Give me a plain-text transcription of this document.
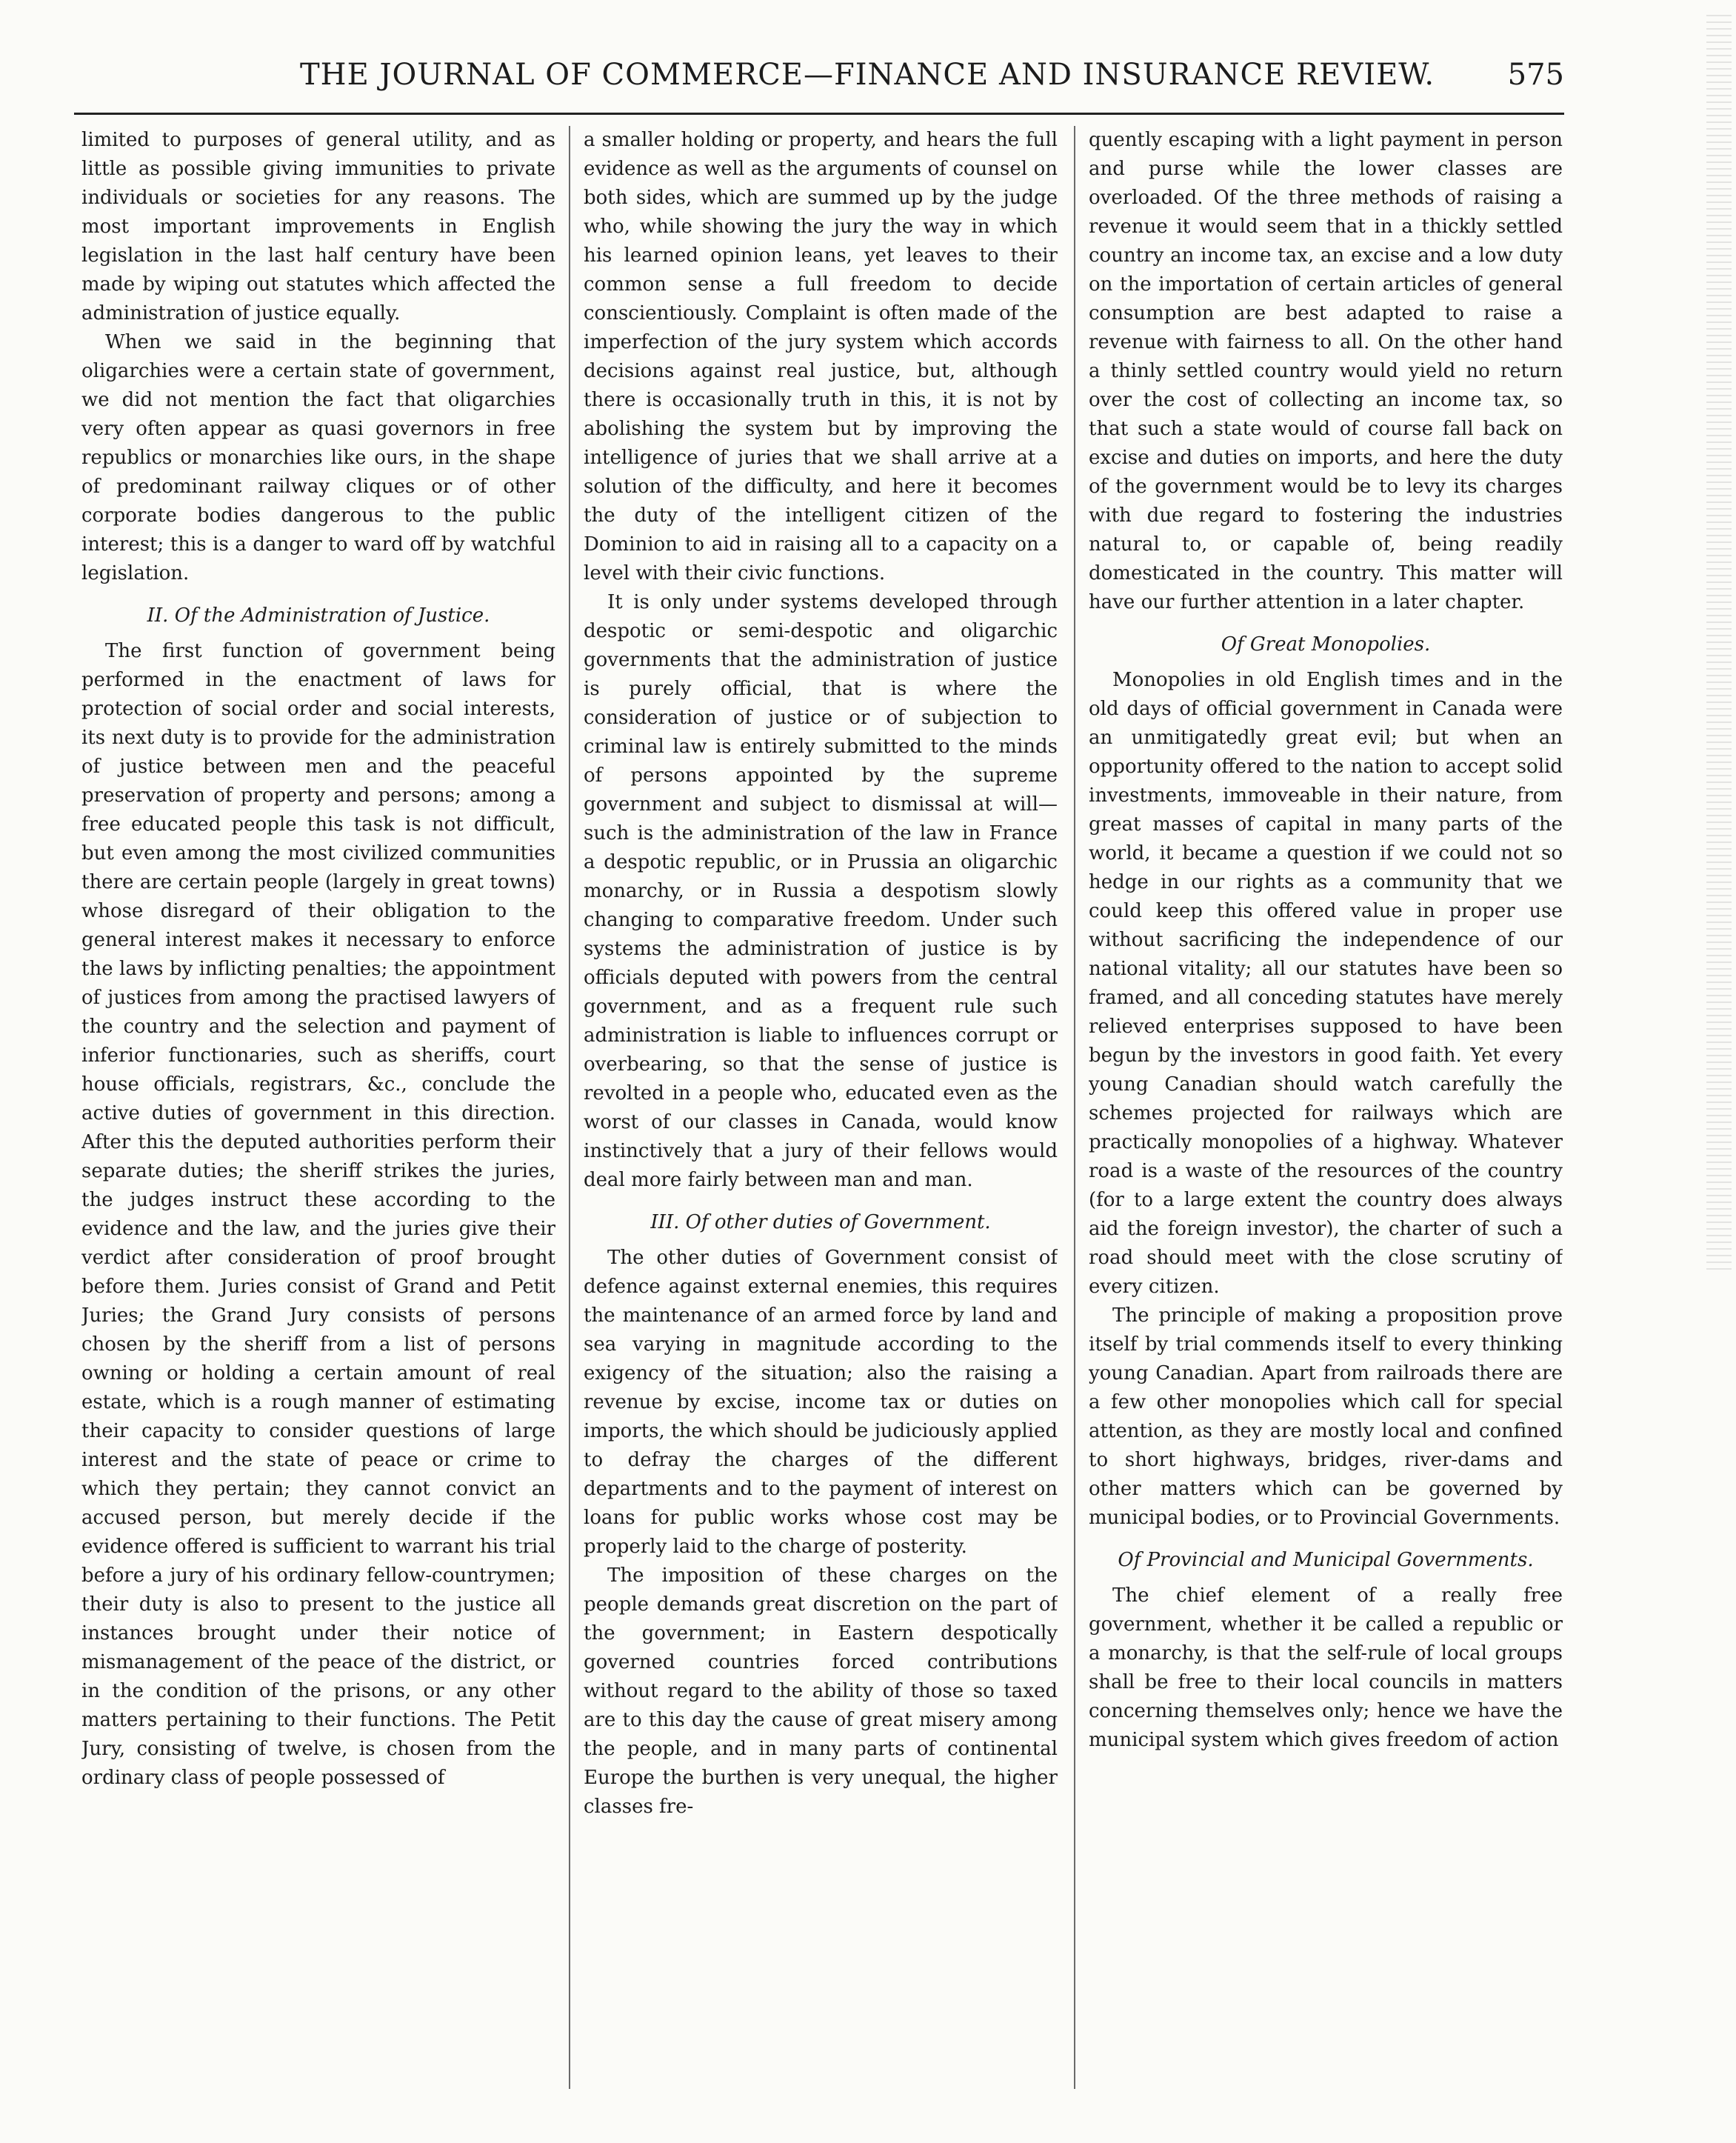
THE JOURNAL OF COMMERCE—FINANCE AND INSURANCE REVIEW. 575

limited to purposes of general utility, and as little as possible giving immunities to private individuals or societies for any reasons. The most important improvements in English legislation in the last half century have been made by wiping out statutes which affected the administration of justice equally.

When we said in the beginning that oligarchies were a certain state of government, we did not mention the fact that oligarchies very often appear as quasi governors in free republics or monarchies like ours, in the shape of predominant railway cliques or of other corporate bodies dangerous to the public interest; this is a danger to ward off by watchful legislation.

II. Of the Administration of Justice.

The first function of government being performed in the enactment of laws for protection of social order and social interests, its next duty is to provide for the administration of justice between men and the peaceful preservation of property and persons; among a free educated people this task is not difficult, but even among the most civilized communities there are certain people (largely in great towns) whose disregard of their obligation to the general interest makes it necessary to enforce the laws by inflicting penalties; the appointment of justices from among the practised lawyers of the country and the selection and payment of inferior functionaries, such as sheriffs, court house officials, registrars, &c., conclude the active duties of government in this direction. After this the deputed authorities perform their separate duties; the sheriff strikes the juries, the judges instruct these according to the evidence and the law, and the juries give their verdict after consideration of proof brought before them. Juries consist of Grand and Petit Juries; the Grand Jury consists of persons chosen by the sheriff from a list of persons owning or holding a certain amount of real estate, which is a rough manner of estimating their capacity to consider questions of large interest and the state of peace or crime to which they pertain; they cannot convict an accused person, but merely decide if the evidence offered is sufficient to warrant his trial before a jury of his ordinary fellow-countrymen; their duty is also to present to the justice all instances brought under their notice of mismanagement of the peace of the district, or in the condition of the prisons, or any other matters pertaining to their functions. The Petit Jury, consisting of twelve, is chosen from the ordinary class of people possessed of

a smaller holding or property, and hears the full evidence as well as the arguments of counsel on both sides, which are summed up by the judge who, while showing the jury the way in which his learned opinion leans, yet leaves to their common sense a full freedom to decide conscientiously. Complaint is often made of the imperfection of the jury system which accords decisions against real justice, but, although there is occasionally truth in this, it is not by abolishing the system but by improving the intelligence of juries that we shall arrive at a solution of the difficulty, and here it becomes the duty of the intelligent citizen of the Dominion to aid in raising all to a capacity on a level with their civic functions.

It is only under systems developed through despotic or semi-despotic and oligarchic governments that the administration of justice is purely official, that is where the consideration of justice or of subjection to criminal law is entirely submitted to the minds of persons appointed by the supreme government and subject to dismissal at will—such is the administration of the law in France a despotic republic, or in Prussia an oligarchic monarchy, or in Russia a despotism slowly changing to comparative freedom. Under such systems the administration of justice is by officials deputed with powers from the central government, and as a frequent rule such administration is liable to influences corrupt or overbearing, so that the sense of justice is revolted in a people who, educated even as the worst of our classes in Canada, would know instinctively that a jury of their fellows would deal more fairly between man and man.

III. Of other duties of Government.

The other duties of Government consist of defence against external enemies, this requires the maintenance of an armed force by land and sea varying in magnitude according to the exigency of the situation; also the raising a revenue by excise, income tax or duties on imports, the which should be judiciously applied to defray the charges of the different departments and to the payment of interest on loans for public works whose cost may be properly laid to the charge of posterity.

The imposition of these charges on the people demands great discretion on the part of the government; in Eastern despotically governed countries forced contributions without regard to the ability of those so taxed are to this day the cause of great misery among the people, and in many parts of continental Europe the burthen is very unequal, the higher classes fre-

quently escaping with a light payment in person and purse while the lower classes are overloaded. Of the three methods of raising a revenue it would seem that in a thickly settled country an income tax, an excise and a low duty on the importation of certain articles of general consumption are best adapted to raise a revenue with fairness to all. On the other hand a thinly settled country would yield no return over the cost of collecting an income tax, so that such a state would of course fall back on excise and duties on imports, and here the duty of the government would be to levy its charges with due regard to fostering the industries natural to, or capable of, being readily domesticated in the country. This matter will have our further attention in a later chapter.

Of Great Monopolies.

Monopolies in old English times and in the old days of official government in Canada were an unmitigatedly great evil; but when an opportunity offered to the nation to accept solid investments, immoveable in their nature, from great masses of capital in many parts of the world, it became a question if we could not so hedge in our rights as a community that we could keep this offered value in proper use without sacrificing the independence of our national vitality; all our statutes have been so framed, and all conceding statutes have merely relieved enterprises supposed to have been begun by the investors in good faith. Yet every young Canadian should watch carefully the schemes projected for railways which are practically monopolies of a highway. Whatever road is a waste of the resources of the country (for to a large extent the country does always aid the foreign investor), the charter of such a road should meet with the close scrutiny of every citizen.

The principle of making a proposition prove itself by trial commends itself to every thinking young Canadian. Apart from railroads there are a few other monopolies which call for special attention, as they are mostly local and confined to short highways, bridges, river-dams and other matters which can be governed by municipal bodies, or to Provincial Governments.

Of Provincial and Municipal Governments.

The chief element of a really free government, whether it be called a republic or a monarchy, is that the self-rule of local groups shall be free to their local councils in matters concerning themselves only; hence we have the municipal system which gives freedom of action
